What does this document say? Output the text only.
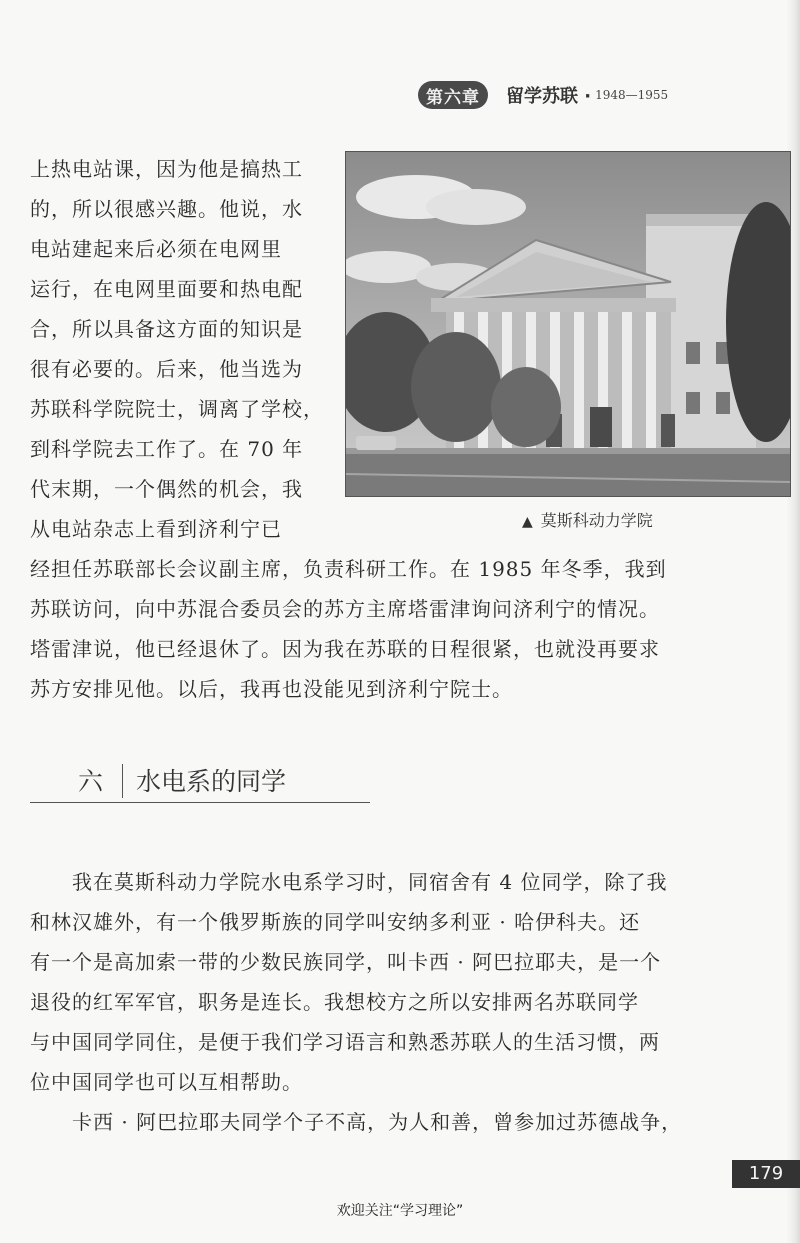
第六章	留学苏联 · 1948—1955
上热电站课，因为他是搞热工
的，所以很感兴趣。他说，水
电站建起来后必须在电网里
运行，在电网里面要和热电配
合，所以具备这方面的知识是
很有必要的。后来，他当选为
苏联科学院院士，调离了学校，
到科学院去工作了。在 70 年
代末期，一个偶然的机会，我
从电站杂志上看到济利宁已	▲ 莫斯科动力学院
经担任苏联部长会议副主席，负责科研工作。在 1985 年冬季，我到
苏联访问，向中苏混合委员会的苏方主席塔雷津询问济利宁的情况。
塔雷津说，他已经退休了。因为我在苏联的日程很紧，也就没再要求
苏方安排见他。以后，我再也没能见到济利宁院士。
六 水电系的同学
我在莫斯科动力学院水电系学习时，同宿舍有 4 位同学，除了我
和林汉雄外，有一个俄罗斯族的同学叫安纳多利亚 · 哈伊科夫。还
有一个是高加索一带的少数民族同学，叫卡西 · 阿巴拉耶夫，是一个
退役的红军军官，职务是连长。我想校方之所以安排两名苏联同学
与中国同学同住，是便于我们学习语言和熟悉苏联人的生活习惯，两
位中国同学也可以互相帮助。
卡西 · 阿巴拉耶夫同学个子不高，为人和善，曾参加过苏德战争，
179
欢迎关注“学习理论”
